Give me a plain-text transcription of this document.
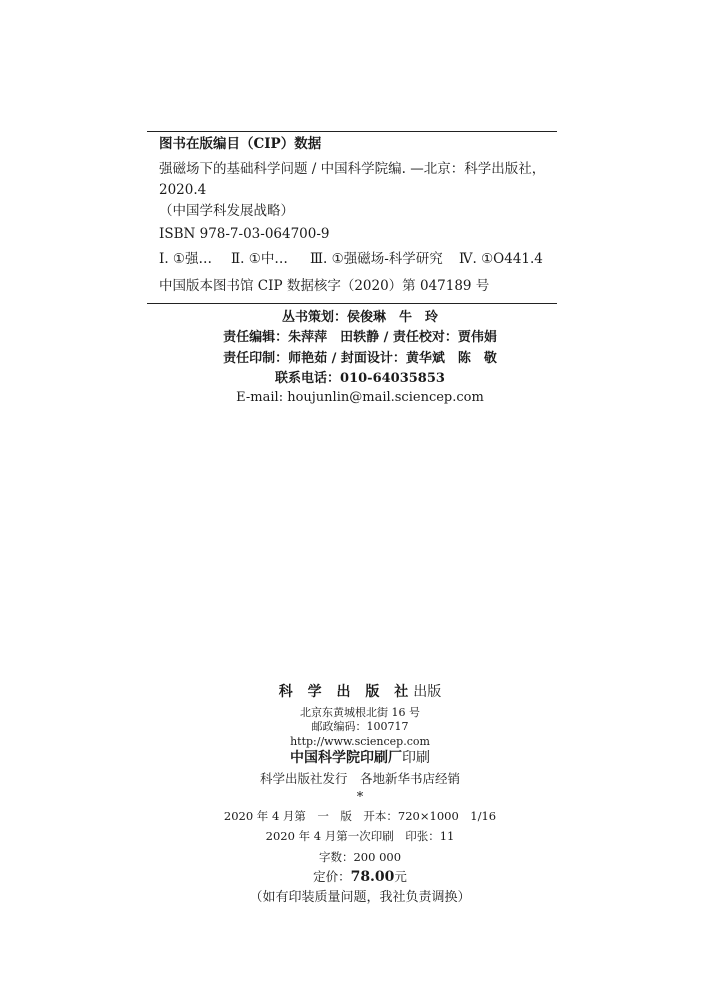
图书在版编目（CIP）数据
强磁场下的基础科学问题 / 中国科学院编. —北京：科学出版社，
2020.4
（中国学科发展战略）
ISBN 978-7-03-064700-9
Ⅰ. ①强… Ⅱ. ①中… Ⅲ. ①强磁场-科学研究 Ⅳ. ①O441.4
中国版本图书馆 CIP 数据核字（2020）第 047189 号
丛书策划：侯俊琳　牛　玲
责任编辑：朱萍萍　田轶静 / 责任校对：贾伟娟
责任印制：师艳茹 / 封面设计：黄华斌　陈　敬
联系电话：010-64035853
E-mail: houjunlin@mail.sciencep.com
科 学 出 版 社出版
北京东黄城根北街 16 号
邮政编码：100717
http://www.sciencep.com
中国科学院印刷厂印刷
科学出版社发行　各地新华书店经销
*
2020 年 4 月第　一　版　开本：720×1000　1/16
2020 年 4 月第一次印刷　印张：11
字数：200 000
定价：78.00元
（如有印装质量问题，我社负责调换）
